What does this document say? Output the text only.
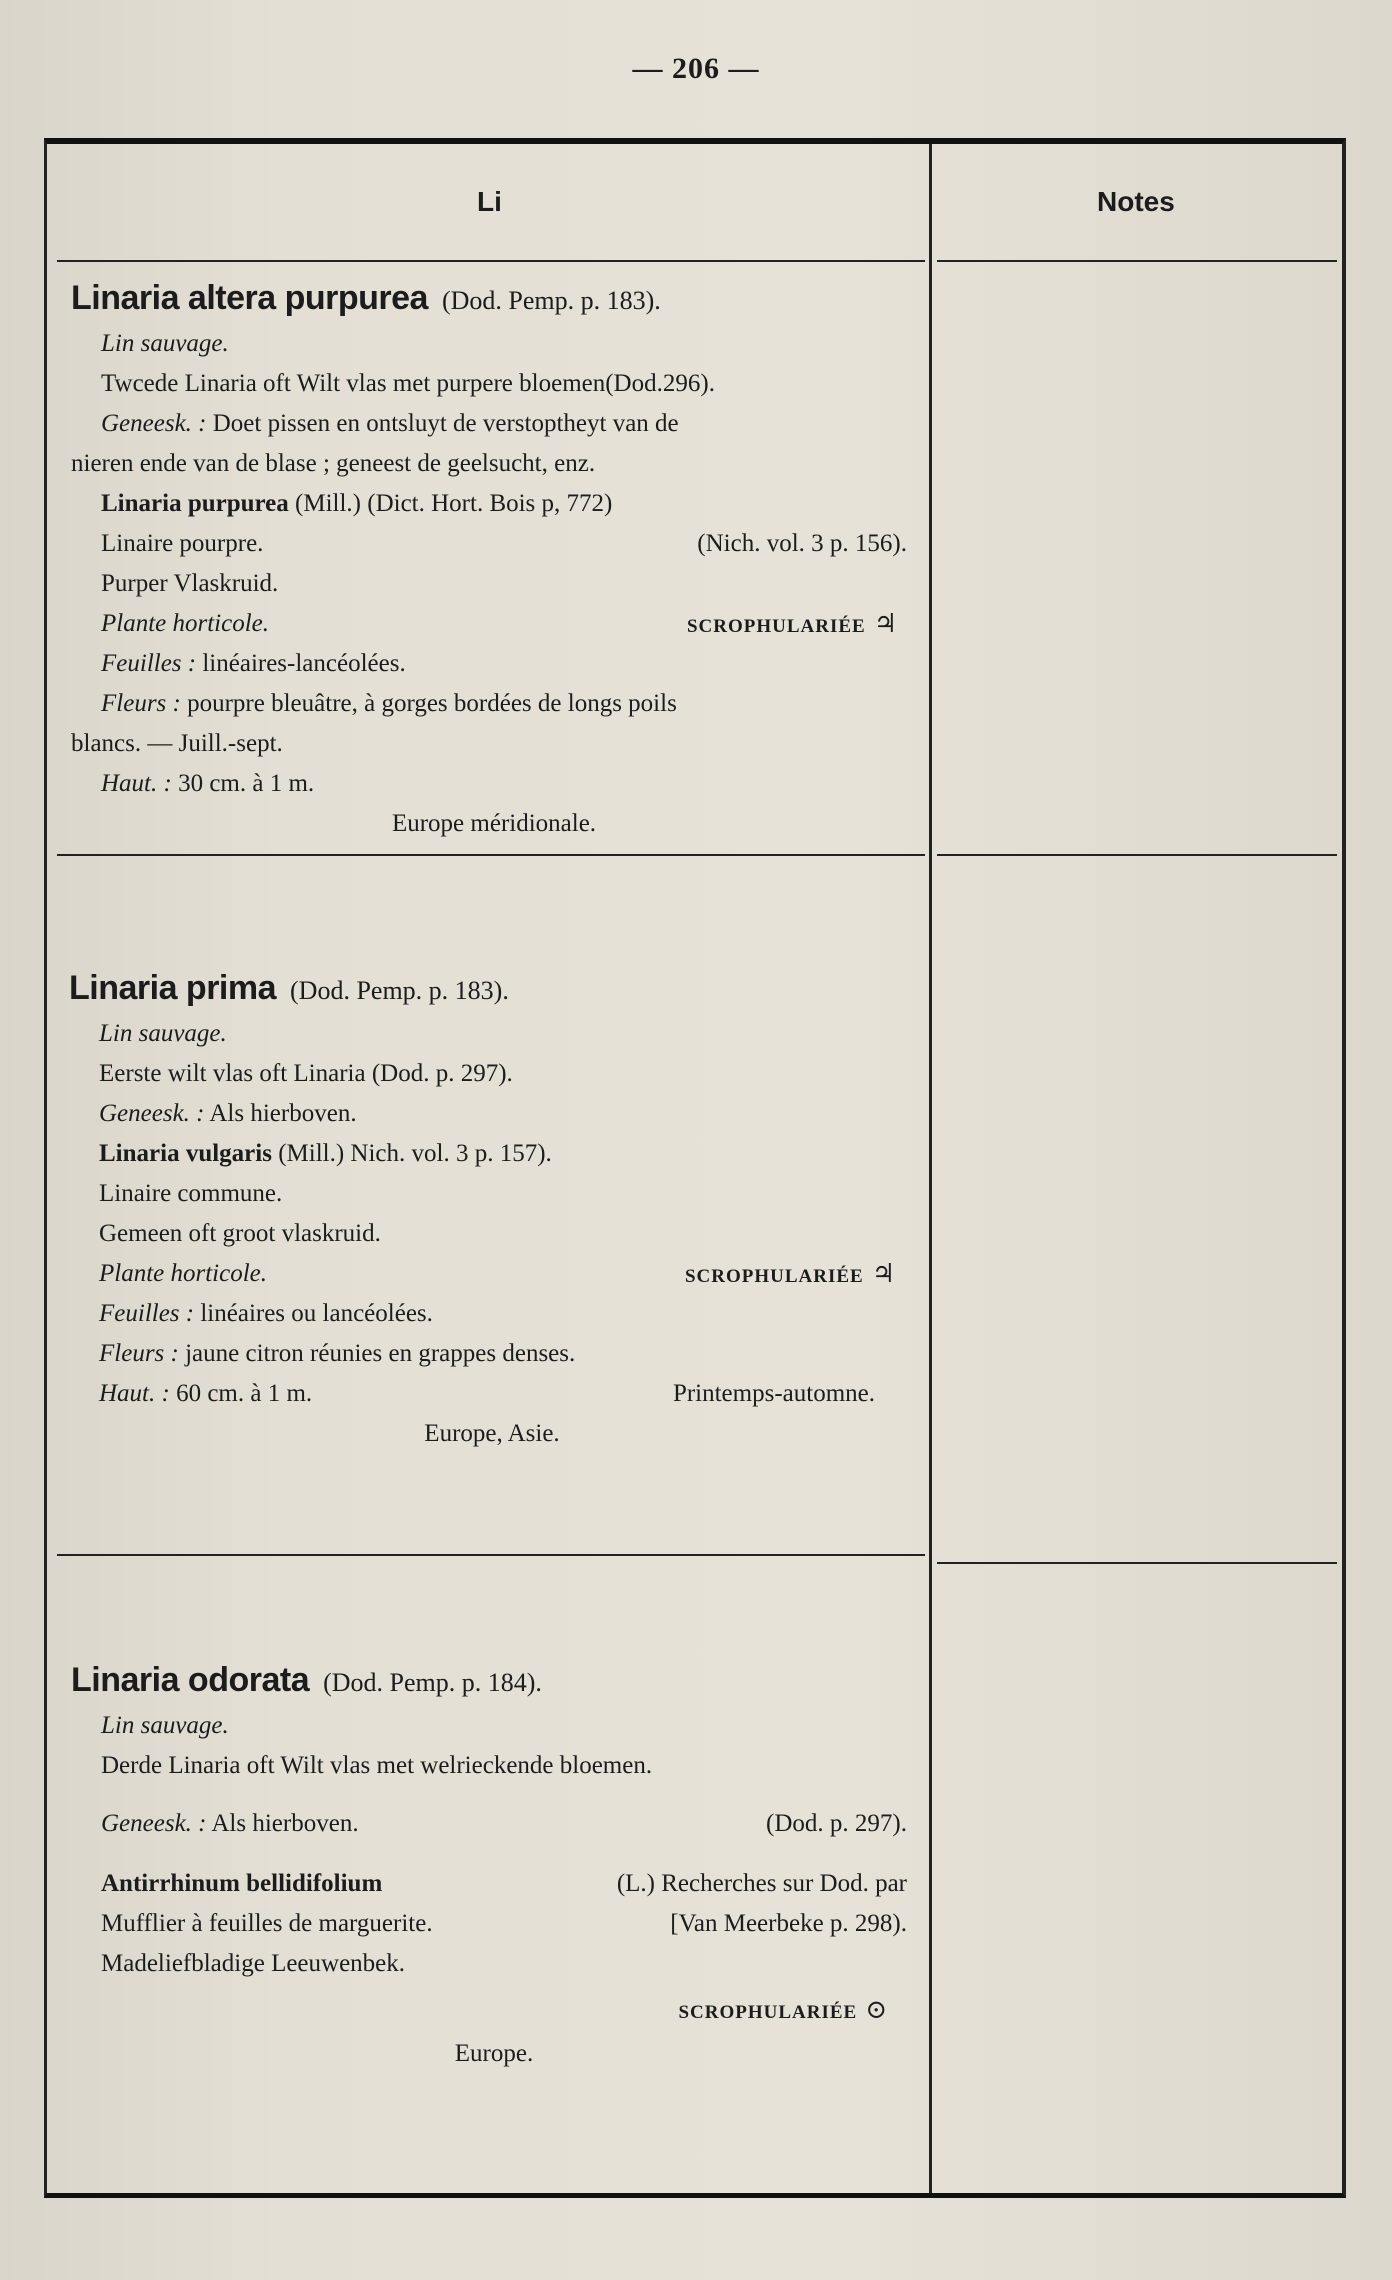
— 206 —
Li	Notes
Linaria altera purpurea (Dod. Pemp. p. 183).
Lin sauvage.
Twcede Linaria oft Wilt vlas met purpere bloemen(Dod.296).
Geneesk. : Doet pissen en ontsluyt de verstoptheyt van de
nieren ende van de blase ; geneest de geelsucht, enz.
Linaria purpurea (Mill.) (Dict. Hort. Bois p, 772)
Linaire pourpre.	(Nich. vol. 3 p. 156).
Purper Vlaskruid.
Plante horticole.	SCROPHULARIÉE ♃
Feuilles : linéaires-lancéolées.
Fleurs : pourpre bleuâtre, à gorges bordées de longs poils
blancs. — Juill.-sept.
Haut. : 30 cm. à 1 m.
Europe méridionale.
Linaria prima (Dod. Pemp. p. 183).
Lin sauvage.
Eerste wilt vlas oft Linaria (Dod. p. 297).
Geneesk. : Als hierboven.
Linaria vulgaris (Mill.) Nich. vol. 3 p. 157).
Linaire commune.
Gemeen oft groot vlaskruid.
Plante horticole.	SCROPHULARIÉE ♃
Feuilles : linéaires ou lancéolées.
Fleurs : jaune citron réunies en grappes denses.
Haut. : 60 cm. à 1 m.	Printemps-automne.
Europe, Asie.
Linaria odorata (Dod. Pemp. p. 184).
Lin sauvage.
Derde Linaria oft Wilt vlas met welrieckende bloemen.
Geneesk. : Als hierboven.	(Dod. p. 297).
Antirrhinum bellidifolium	(L.) Recherches sur Dod. par
Mufflier à feuilles de marguerite.	[Van Meerbeke p. 298).
Madeliefbladige Leeuwenbek.
SCROPHULARIÉE ⊙
Europe.
